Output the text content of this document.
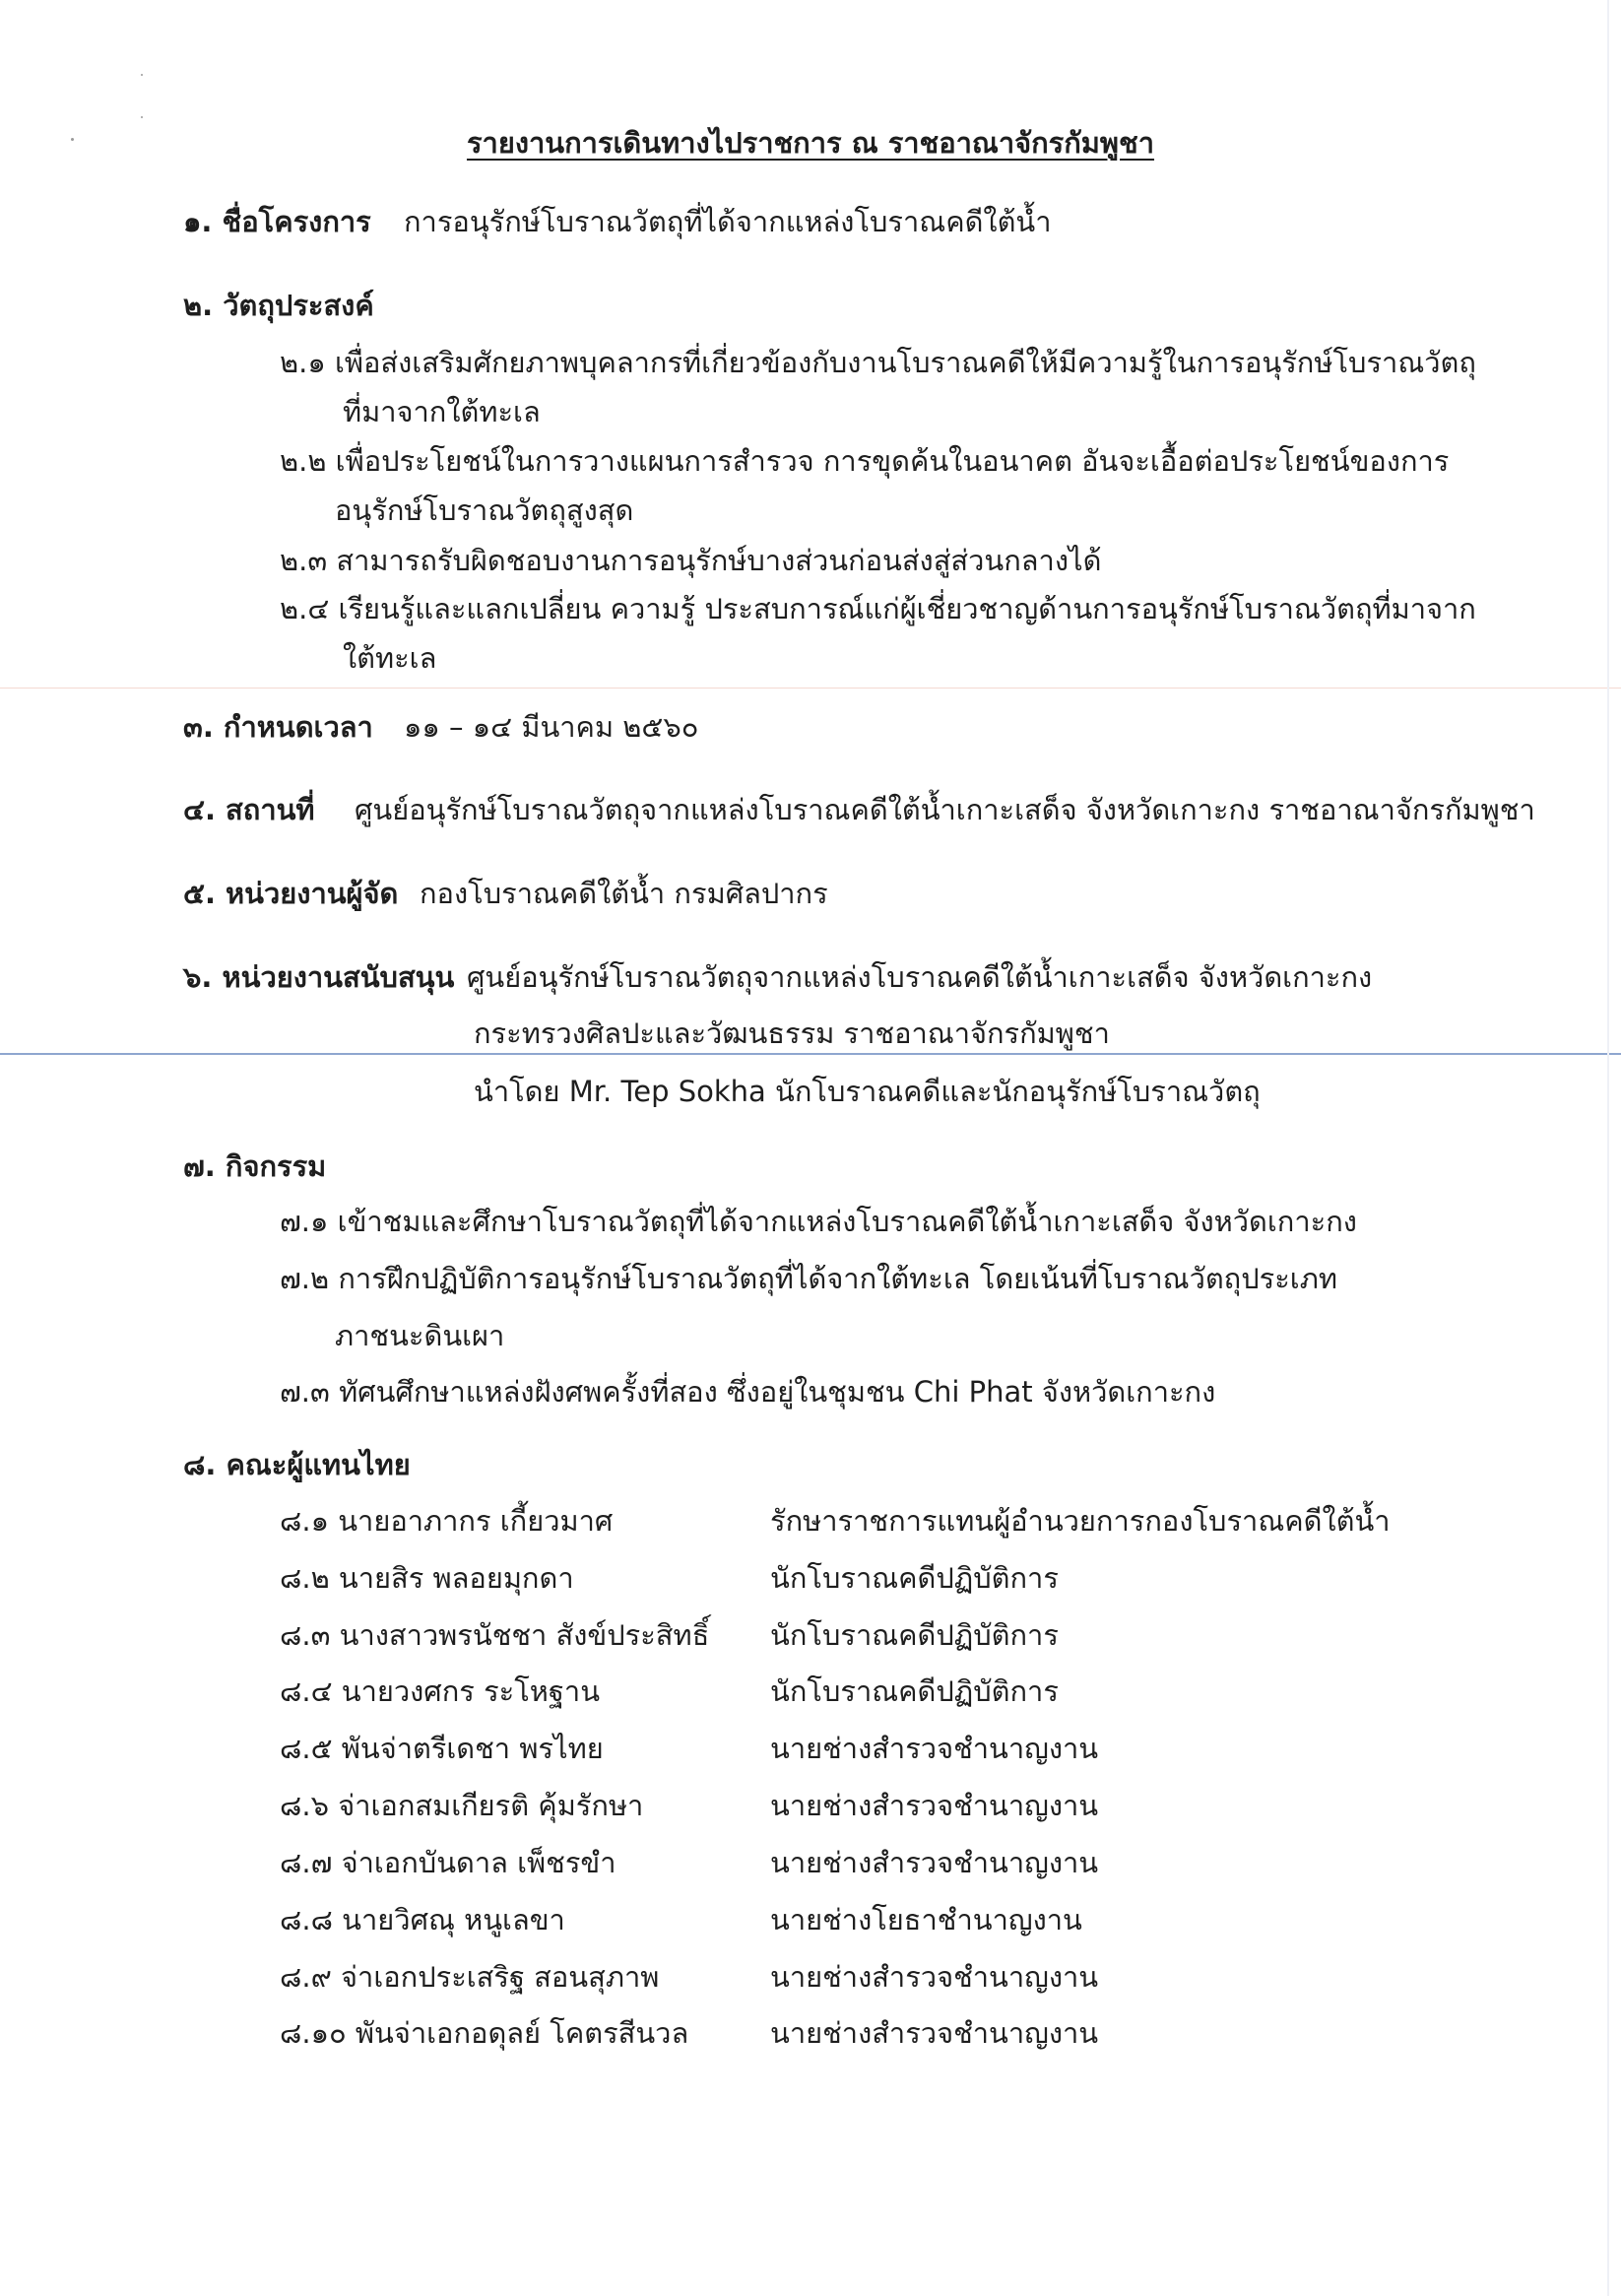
รายงานการเดินทางไปราชการ ณ ราชอาณาจักรกัมพูชา
๑. ชื่อโครงการ การอนุรักษ์โบราณวัตถุที่ได้จากแหล่งโบราณคดีใต้น้ำ
๒. วัตถุประสงค์
๒.๑ เพื่อส่งเสริมศักยภาพบุคลากรที่เกี่ยวข้องกับงานโบราณคดีให้มีความรู้ในการอนุรักษ์โบราณวัตถุ
ที่มาจากใต้ทะเล
๒.๒ เพื่อประโยชน์ในการวางแผนการสำรวจ การขุดค้นในอนาคต อันจะเอื้อต่อประโยชน์ของการ
อนุรักษ์โบราณวัตถุสูงสุด
๒.๓ สามารถรับผิดชอบงานการอนุรักษ์บางส่วนก่อนส่งสู่ส่วนกลางได้
๒.๔ เรียนรู้และแลกเปลี่ยน ความรู้ ประสบการณ์แก่ผู้เชี่ยวชาญด้านการอนุรักษ์โบราณวัตถุที่มาจาก
ใต้ทะเล
๓. กำหนดเวลา ๑๑ – ๑๔ มีนาคม ๒๕๖๐
๔. สถานที่ ศูนย์อนุรักษ์โบราณวัตถุจากแหล่งโบราณคดีใต้น้ำเกาะเสด็จ จังหวัดเกาะกง ราชอาณาจักรกัมพูชา
๕. หน่วยงานผู้จัด กองโบราณคดีใต้น้ำ กรมศิลปากร
๖. หน่วยงานสนับสนุน ศูนย์อนุรักษ์โบราณวัตถุจากแหล่งโบราณคดีใต้น้ำเกาะเสด็จ จังหวัดเกาะกง
กระทรวงศิลปะและวัฒนธรรม ราชอาณาจักรกัมพูชา
นำโดย Mr. Tep Sokha นักโบราณคดีและนักอนุรักษ์โบราณวัตถุ
๗. กิจกรรม
๗.๑ เข้าชมและศึกษาโบราณวัตถุที่ได้จากแหล่งโบราณคดีใต้น้ำเกาะเสด็จ จังหวัดเกาะกง
๗.๒ การฝึกปฏิบัติการอนุรักษ์โบราณวัตถุที่ได้จากใต้ทะเล โดยเน้นที่โบราณวัตถุประเภท
ภาชนะดินเผา
๗.๓ ทัศนศึกษาแหล่งฝังศพครั้งที่สอง ซึ่งอยู่ในชุมชน Chi Phat จังหวัดเกาะกง
๘. คณะผู้แทนไทย
๘.๑ นายอาภากร เกี้ยวมาศ	รักษาราชการแทนผู้อำนวยการกองโบราณคดีใต้น้ำ
๘.๒ นายสิร พลอยมุกดา	นักโบราณคดีปฏิบัติการ
๘.๓ นางสาวพรนัชชา สังข์ประสิทธิ์ นักโบราณคดีปฏิบัติการ
๘.๔ นายวงศกร ระโหฐาน	นักโบราณคดีปฏิบัติการ
๘.๕ พันจ่าตรีเดชา พรไทย	นายช่างสำรวจชำนาญงาน
๘.๖ จ่าเอกสมเกียรติ คุ้มรักษา	นายช่างสำรวจชำนาญงาน
๘.๗ จ่าเอกบันดาล เพ็ชรขำ	นายช่างสำรวจชำนาญงาน
๘.๘ นายวิศณุ หนูเลขา	นายช่างโยธาชำนาญงาน
๘.๙ จ่าเอกประเสริฐ สอนสุภาพ	นายช่างสำรวจชำนาญงาน
๘.๑๐ พันจ่าเอกอดุลย์ โคตรสีนวล	นายช่างสำรวจชำนาญงาน
